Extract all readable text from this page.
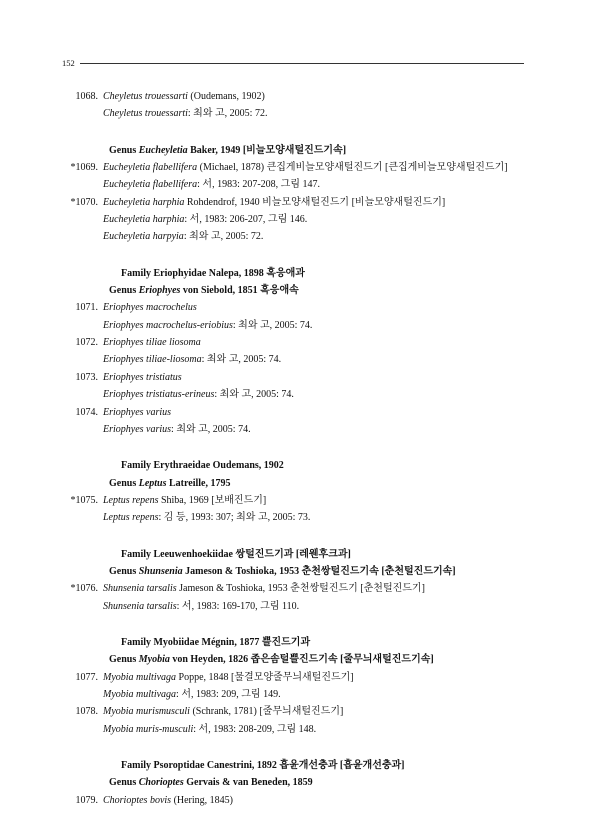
152
1068. Cheyletus trouessarti (Oudemans, 1902)
Cheyletus trouessarti: 최와 고, 2005: 72.
Genus Eucheyletia Baker, 1949 [비늘모양새털진드기속]
*1069. Eucheyletia flabellifera (Michael, 1878) 큰집게비늘모양새털진드기 [큰집게비늘모양새털진드기]
Eucheyletia flabellifera: 서, 1983: 207-208, 그림 147.
*1070. Eucheyletia harphia Rohdendrof, 1940 비늘모양새털진드기 [비늘모양새털진드기]
Eucheyletia harphia: 서, 1983: 206-207, 그림 146.
Eucheyletia harpyia: 최와 고, 2005: 72.
Family Eriophyidae Nalepa, 1898 혹응애과
Genus Eriophyes von Siebold, 1851 혹응애속
1071. Eriophyes macrochelus
Eriophyes macrochelus-eriobius: 최와 고, 2005: 74.
1072. Eriophyes tiliae liosoma
Eriophyes tiliae-liosoma: 최와 고, 2005: 74.
1073. Eriophyes tristiatus
Eriophyes tristiatus-erineus: 최와 고, 2005: 74.
1074. Eriophyes varius
Eriophyes varius: 최와 고, 2005: 74.
Family Erythraeidae Oudemans, 1902
Genus Leptus Latreille, 1795
*1075. Leptus repens Shiba, 1969 [보배진드기]
Leptus repens: 김 등, 1993: 307; 최와 고, 2005: 73.
Family Leeuwenhoekiidae 쌍털진드기과 [레웬후크과]
Genus Shunsenia Jameson & Toshioka, 1953 춘천쌍털진드기속 [춘천털진드기속]
*1076. Shunsenia tarsalis Jameson & Toshioka, 1953 춘천쌍털진드기 [춘천털진드기]
Shunsenia tarsalis: 서, 1983: 169-170, 그림 110.
Family Myobiidae Mégnin, 1877 쁠진드기과
Genus Myobia von Heyden, 1826 좁은솜털쁠진드기속 [줄무늬새털진드기속]
1077. Myobia multivaga Poppe, 1848 [물결모양줄무늬새털진드기]
Myobia multivaga: 서, 1983: 209, 그림 149.
1078. Myobia murismusculi (Schrank, 1781) [줄무늬새털진드기]
Myobia muris-musculi: 서, 1983: 208-209, 그림 148.
Family Psoroptidae Canestrini, 1892 흡윤개선충과 [흡윤개선충과]
Genus Chorioptes Gervais & van Beneden, 1859
1079. Chorioptes bovis (Hering, 1845)
